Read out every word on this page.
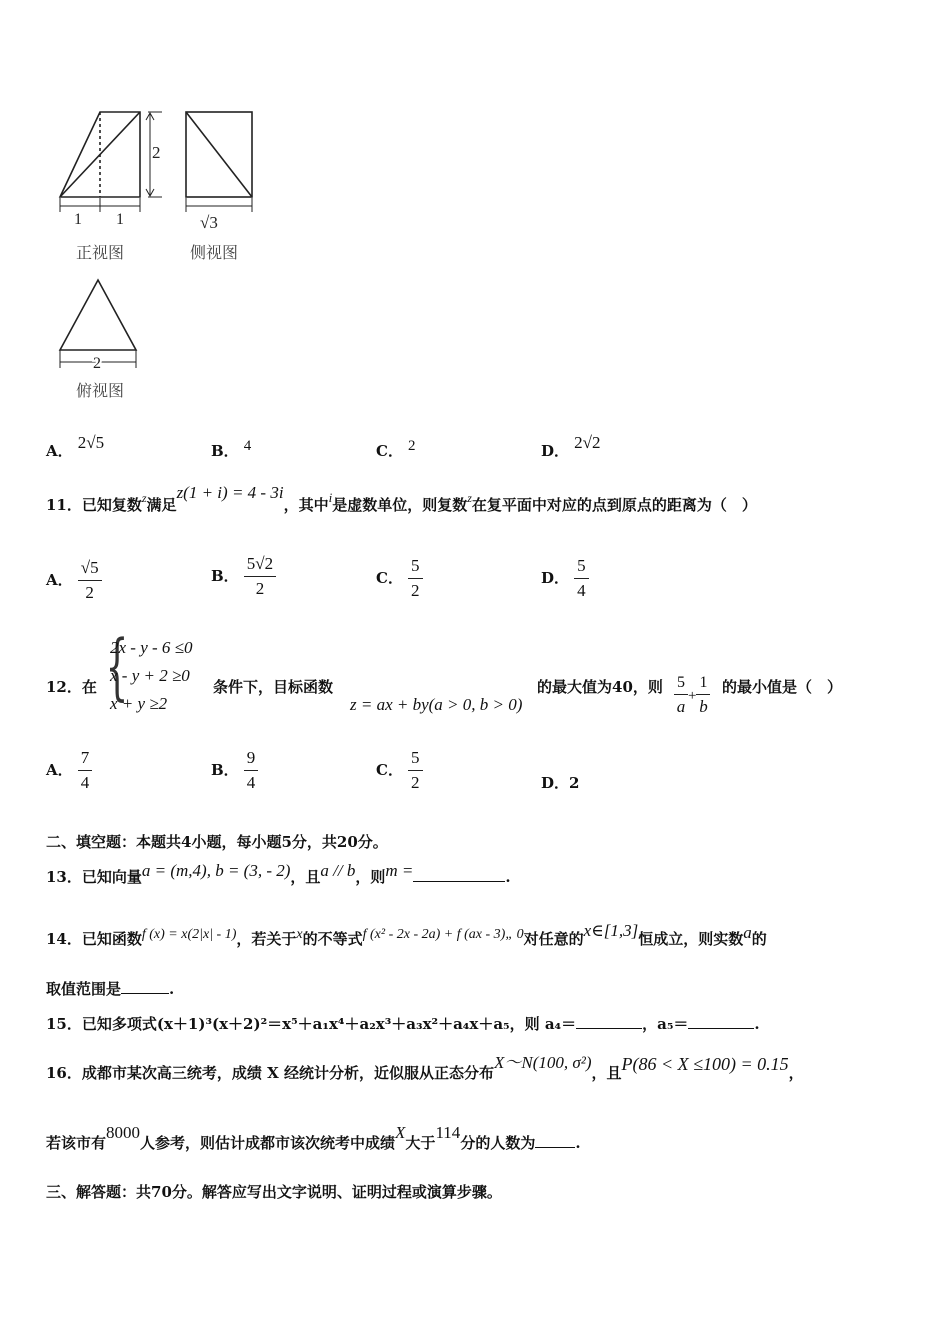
2
1 1	√3
正视图	侧视图
2
俯视图
A． 2√5	B． 4	C． 2	D． 2√2
11．已知复数$^z$满足z(1 + i) = 4 - 3i，其中$^i$是虚数单位，则复数$^z$在复平面中对应的点到原点的距离为（　）
A． $\frac{√5}{2}$	B． $\frac{5√2}{2}$	C． $\frac{5}{2}$	D． $\frac{5}{4}$
12．在 {
2x - y - 6 ≤0
x - y + 2 ≥0
x + y ≥2
条件下，目标函数
z = ax + by(a > 0, b > 0)
的最大值为40，则 $\frac{5}{a} + \frac{1}{b}$ 的最小值是（　）
A． $\frac{7}{4}$	B． $\frac{9}{4}$	C． $\frac{5}{2}$	D．2
二、填空题：本题共4小题，每小题5分，共20分。
13．已知向量a = (m,4), b = (3, - 2)，且a // b，则m =	.
14．已知函数f (x) = x(2|x| - 1)，若关于x的不等式f (x² - 2x - 2a) + f (ax - 3)„ 0对任意的x∈[1,3]恒成立，则实数a的
取值范围是	.
15．已知多项式(x＋1)³(x＋2)²＝x⁵＋a₁x⁴＋a₂x³＋a₃x²＋a₄x＋a₅，则 a₄＝	，a₅＝	.
16．成都市某次高三统考，成绩 X 经统计分析，近似服从正态分布X～N(100, σ²)，且P(86 < X ≤100) = 0.15，
若该市有8000人参考，则估计成都市该次统考中成绩X大于114分的人数为	.
三、解答题：共70分。解答应写出文字说明、证明过程或演算步骤。
